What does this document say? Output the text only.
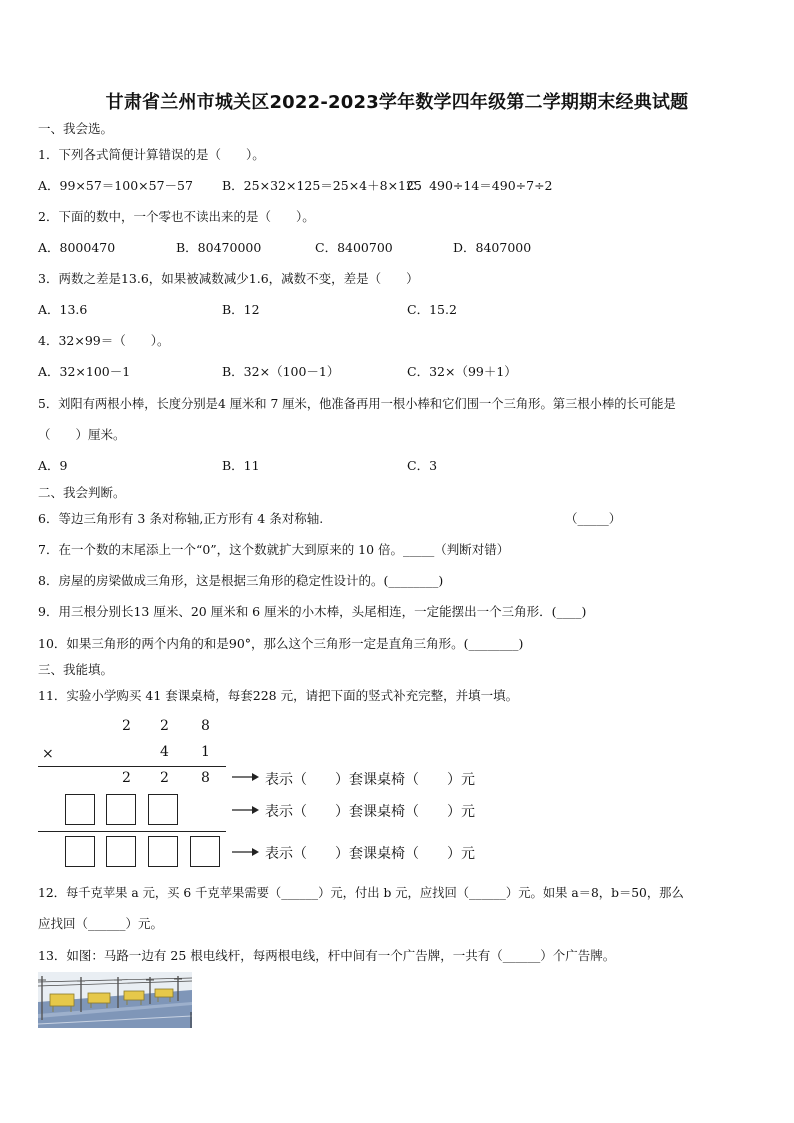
甘肃省兰州市城关区2022-2023学年数学四年级第二学期期末经典试题
一、我会选。
1．下列各式简便计算错误的是（　　）。
A．99×57＝100×57－57 B．25×32×125＝25×4＋8×125
C．490÷14＝490÷7÷2
2．下面的数中，一个零也不读出来的是（　　）。
A．8000470	B．80470000	C．8400700	D．8407000
3．两数之差是13.6，如果被减数减少1.6，减数不变，差是（　　）
A．13.6	B．12	C．15.2
4．32×99＝（　　）。
A．32×100－1	B．32×（100－1）	C．32×（99＋1）
5．刘阳有两根小棒，长度分别是4 厘米和 7 厘米，他准备再用一根小棒和它们围一个三角形。第三根小棒的长可能是
（　　）厘米。
A．9	B．11	C．3
二、我会判断。
6．等边三角形有 3 条对称轴,正方形有 4 条对称轴.	（_____）
7．在一个数的末尾添上一个“0”，这个数就扩大到原来的 10 倍。_____（判断对错）
8．房屋的房梁做成三角形，这是根据三角形的稳定性设计的。(________)
9．用三根分别长13 厘米、20 厘米和 6 厘米的小木棒，头尾相连，一定能摆出一个三角形．(____)
10．如果三角形的两个内角的和是90°，那么这个三角形一定是直角三角形。(________)
三、我能填。
11．实验小学购买 41 套课桌椅，每套228 元，请把下面的竖式补充完整，并填一填。
2 2 8
×	4 1
2 2 8	表示（　　）套课桌椅（　　）元
表示（　　）套课桌椅（　　）元
表示（　　）套课桌椅（　　）元
12．每千克苹果 a 元，买 6 千克苹果需要（______）元，付出 b 元，应找回（______）元。如果 a＝8，b＝50，那么
应找回（______）元。
13．如图：马路一边有 25 根电线杆，每两根电线，杆中间有一个广告牌，一共有（______）个广告牌。
